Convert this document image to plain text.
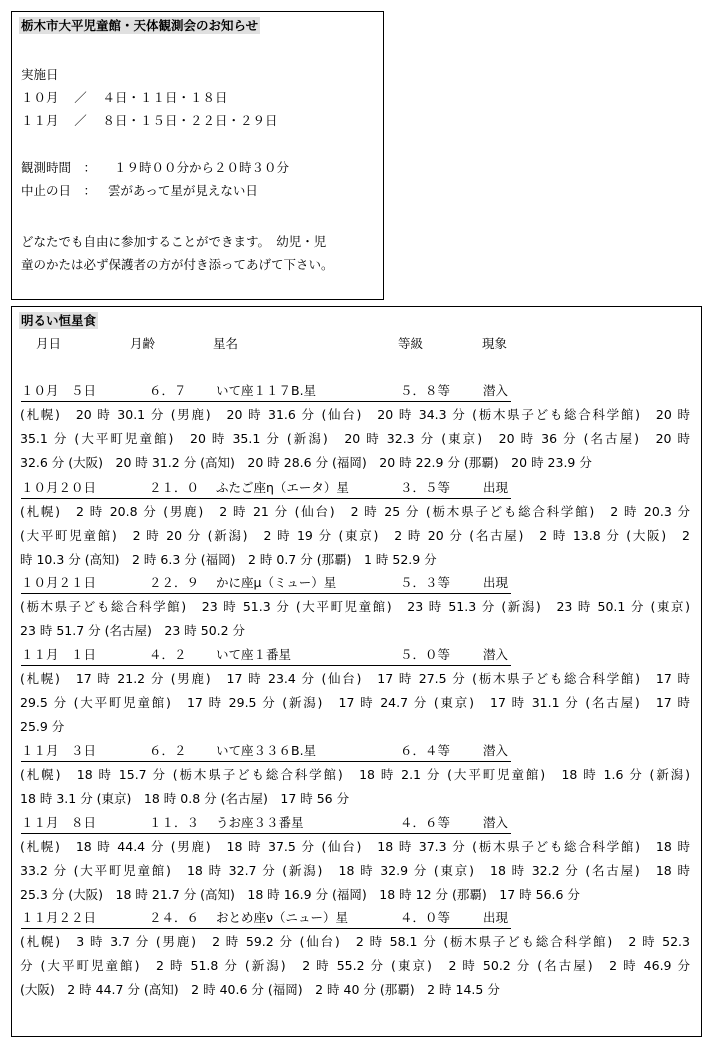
栃木市大平児童館・天体観測会のお知らせ
実施日
１０月 ／ ４日・１１日・１８日
１１月 ／ ８日・１５日・２２日・２９日
観測時間　： １９時００分から２０時３０分
中止の日　： 雲があって星が見えない日
どなたでも自由に参加することができます。　幼児・児
童のかたは必ず保護者の方が付き添ってあげて下さい。
明るい恒星食
月日	月齢	星名	等級	現象
１０月　５日	６．７ いて座１１７B.星	５．８等	潜入
(札幌)　20 時 30.1 分 (男鹿)　20 時 31.6 分 (仙台)　20 時 34.3 分 (栃木県子ども総合科学館)　20 時
35.1 分 (大平町児童館)　20 時 35.1 分 (新潟)　20 時 32.3 分 (東京)　20 時 36 分 (名古屋)　20 時
32.6 分 (大阪)　20 時 31.2 分 (高知)　20 時 28.6 分 (福岡)　20 時 22.9 分 (那覇)　20 時 23.9 分
１０月２０日	２１．０ ふたご座η（エータ）星	３．５等	出現
(札幌)　2 時 20.8 分 (男鹿)　2 時 21 分 (仙台)　2 時 25 分 (栃木県子ども総合科学館)　2 時 20.3 分
(大平町児童館)　2 時 20 分 (新潟)　2 時 19 分 (東京)　2 時 20 分 (名古屋)　2 時 13.8 分 (大阪)　2
時 10.3 分 (高知)　2 時 6.3 分 (福岡)　2 時 0.7 分 (那覇)　1 時 52.9 分
１０月２１日	２２．９ かに座μ（ミュー）星	５．３等	出現
(栃木県子ども総合科学館)　23 時 51.3 分 (大平町児童館)　23 時 51.3 分 (新潟)　23 時 50.1 分 (東京)
23 時 51.7 分 (名古屋)　23 時 50.2 分
１１月　１日	４．２ いて座１番星	５．０等	潜入
(札幌)　17 時 21.2 分 (男鹿)　17 時 23.4 分 (仙台)　17 時 27.5 分 (栃木県子ども総合科学館)　17 時
29.5 分 (大平町児童館)　17 時 29.5 分 (新潟)　17 時 24.7 分 (東京)　17 時 31.1 分 (名古屋)　17 時
25.9 分
１１月　３日	６．２ いて座３３６B.星	６．４等	潜入
(札幌)　18 時 15.7 分 (栃木県子ども総合科学館)　18 時 2.1 分 (大平町児童館)　18 時 1.6 分 (新潟)
18 時 3.1 分 (東京)　18 時 0.8 分 (名古屋)　17 時 56 分
１１月　８日	１１．３ うお座３３番星	４．６等	潜入
(札幌)　18 時 44.4 分 (男鹿)　18 時 37.5 分 (仙台)　18 時 37.3 分 (栃木県子ども総合科学館)　18 時
33.2 分 (大平町児童館)　18 時 32.7 分 (新潟)　18 時 32.9 分 (東京)　18 時 32.2 分 (名古屋)　18 時
25.3 分 (大阪)　18 時 21.7 分 (高知)　18 時 16.9 分 (福岡)　18 時 12 分 (那覇)　17 時 56.6 分
１１月２２日	２４．６ おとめ座ν（ニュー）星	４．０等	出現
(札幌)　3 時 3.7 分 (男鹿)　2 時 59.2 分 (仙台)　2 時 58.1 分 (栃木県子ども総合科学館)　2 時 52.3
分 (大平町児童館)　2 時 51.8 分 (新潟)　2 時 55.2 分 (東京)　2 時 50.2 分 (名古屋)　2 時 46.9 分
(大阪)　2 時 44.7 分 (高知)　2 時 40.6 分 (福岡)　2 時 40 分 (那覇)　2 時 14.5 分
